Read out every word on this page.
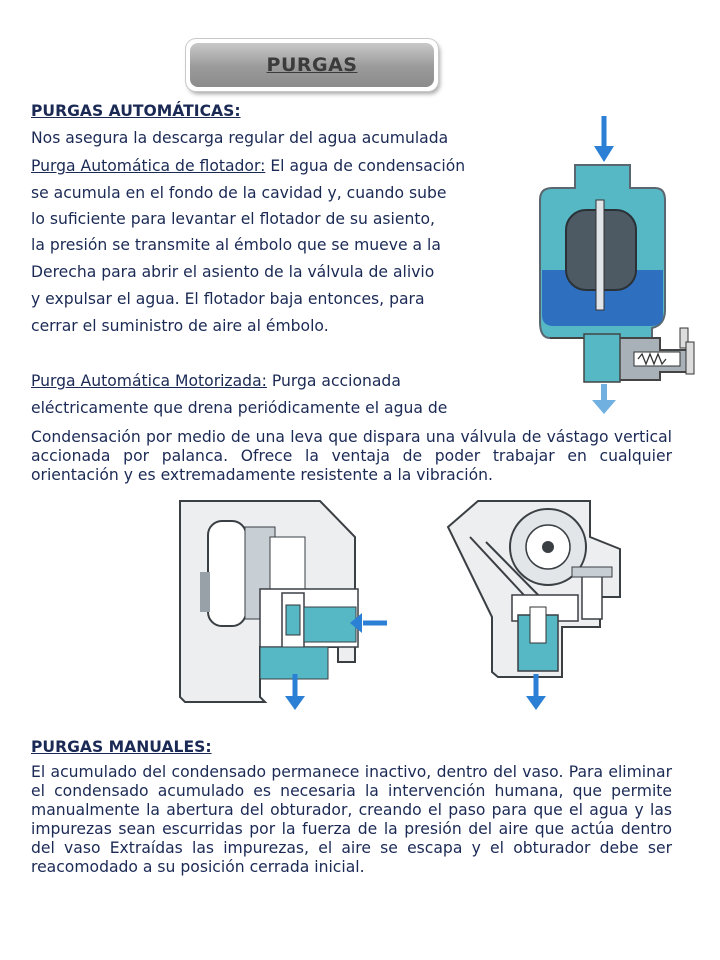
PURGAS
PURGAS AUTOMÁTICAS:
Nos asegura la descarga regular del agua acumulada
Purga Automática de flotador: El agua de condensación
se acumula en el fondo de la cavidad y, cuando sube
lo suficiente para levantar el flotador de su asiento,
la presión se transmite al émbolo que se mueve a la
Derecha para abrir el asiento de la válvula de alivio
y expulsar el agua. El flotador baja entonces, para
cerrar el suministro de aire al émbolo.
Purga Automática Motorizada: Purga accionada
eléctricamente que drena periódicamente el agua de
Condensación por medio de una leva que dispara una válvula de vástago vertical accionada por palanca. Ofrece la ventaja de poder trabajar en cualquier orientación y es extremadamente resistente a la vibración.
PURGAS MANUALES:
El acumulado del condensado permanece inactivo, dentro del vaso. Para eliminar el condensado acumulado es necesaria la intervención humana, que permite manualmente la abertura del obturador, creando el paso para que el agua y las impurezas sean escurridas por la fuerza de la presión del aire que actúa dentro del vaso Extraídas las impurezas, el aire se escapa y el obturador debe ser reacomodado a su posición cerrada inicial.
